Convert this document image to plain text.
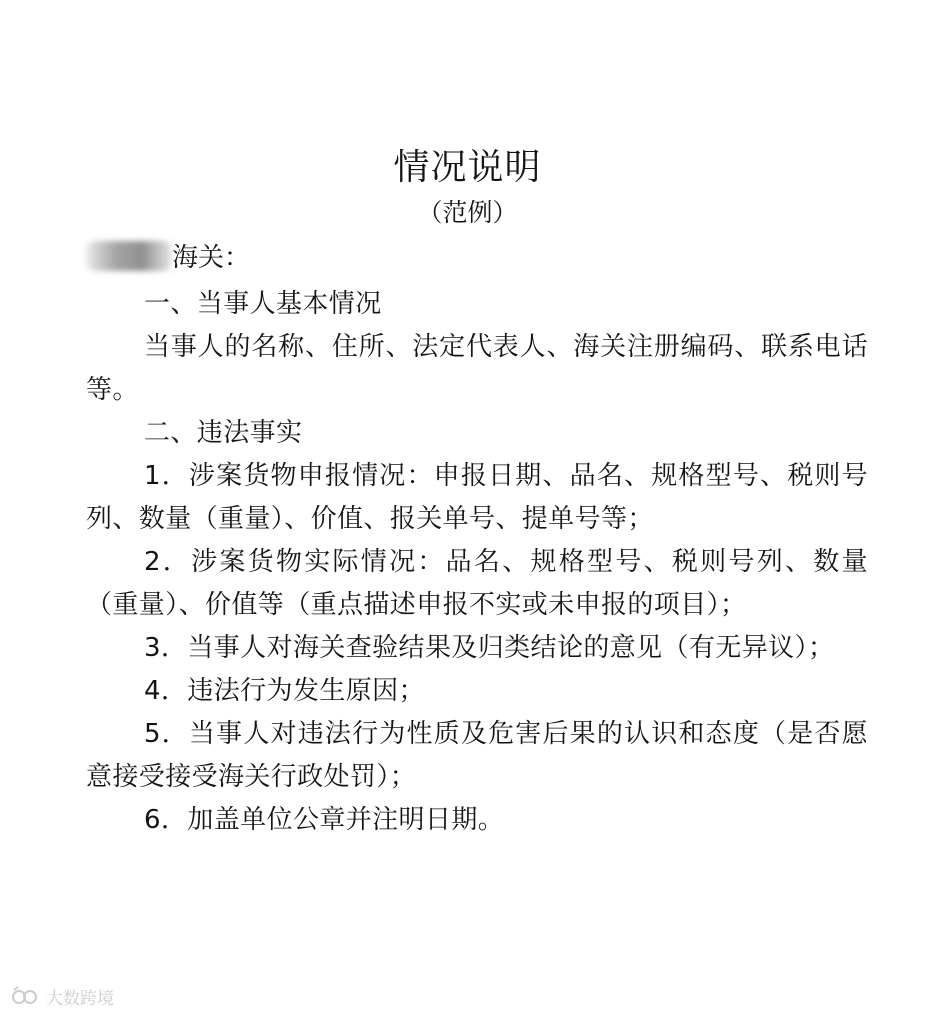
情况说明
（范例）
海关：

一、当事人基本情况

当事人的名称、住所、法定代表人、海关注册编码、联系电话等。

二、违法事实

1．涉案货物申报情况：申报日期、品名、规格型号、税则号列、数量（重量）、价值、报关单号、提单号等；

2．涉案货物实际情况：品名、规格型号、税则号列、数量（重量）、价值等（重点描述申报不实或未申报的项目）；

3．当事人对海关查验结果及归类结论的意见（有无异议）；

4．违法行为发生原因；

5．当事人对违法行为性质及危害后果的认识和态度（是否愿意接受接受海关行政处罚）；

6．加盖单位公章并注明日期。

大数跨境
